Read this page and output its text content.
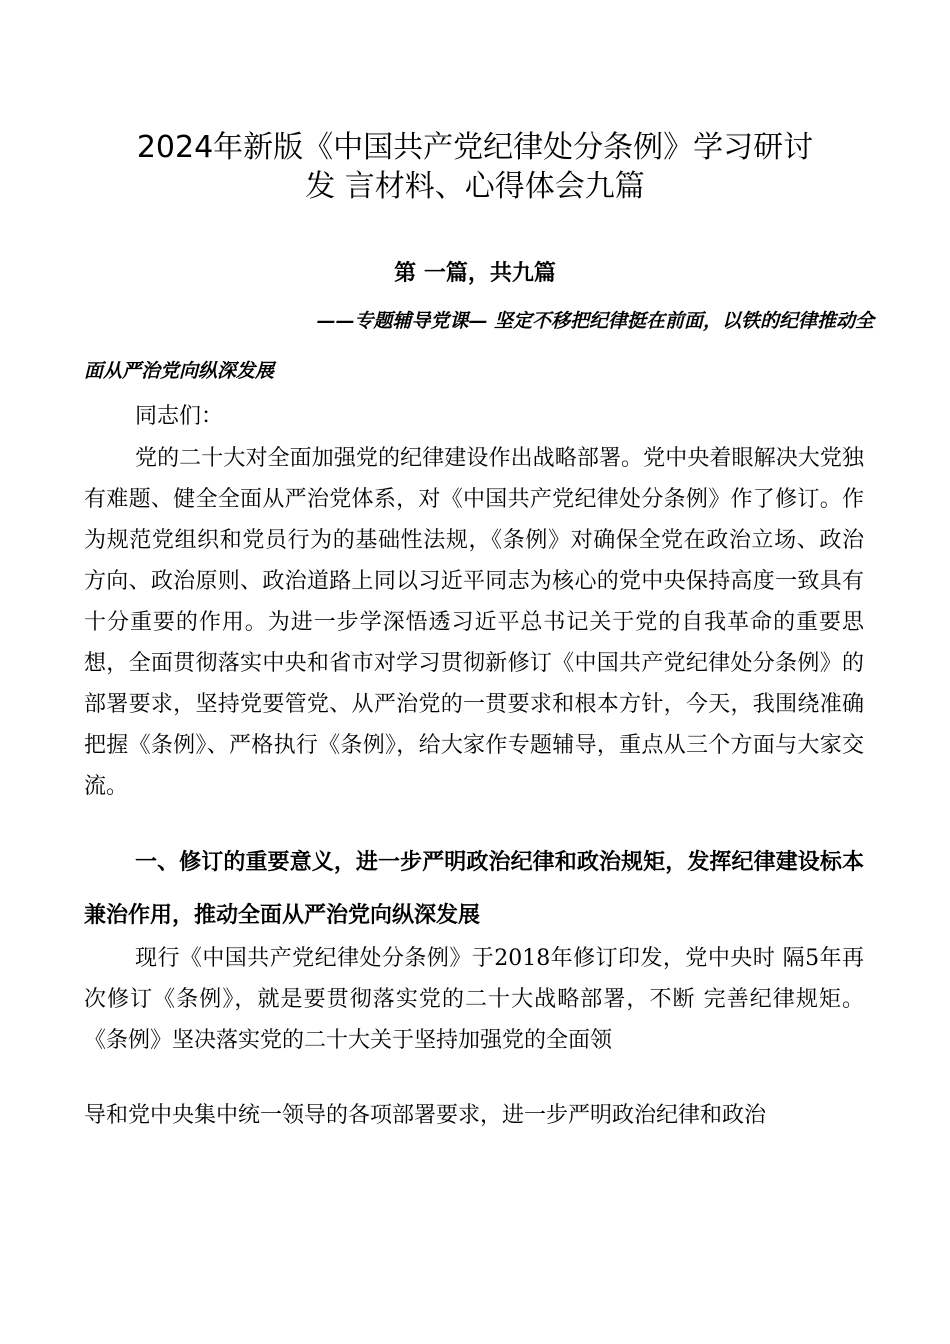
2024年新版《中国共产党纪律处分条例》学习研讨
发 言材料、心得体会九篇
第 一篇，共九篇
——专题辅导党课— 坚定不移把纪律挺在前面，以铁的纪律推动全
面从严治党向纵深发展

同志们：

党的二十大对全面加强党的纪律建设作出战略部署。党中央着眼解决大党独有难题、健全全面从严治党体系，对《中国共产党纪律处分条例》作了修订。作为规范党组织和党员行为的基础性法规，《条例》对确保全党在政治立场、政治方向、政治原则、政治道路上同以习近平同志为核心的党中央保持高度一致具有十分重要的作用。为进一步学深悟透习近平总书记关于党的自我革命的重要思想，全面贯彻落实中央和省市对学习贯彻新修订《中国共产党纪律处分条例》的部署要求，坚持党要管党、从严治党的一贯要求和根本方针，今天，我围绕准确把握《条例》、严格执行《条例》，给大家作专题辅导，重点从三个方面与大家交流。

一、修订的重要意义，进一步严明政治纪律和政治规矩，发挥纪律建设标本兼治作用，推动全面从严治党向纵深发展

现行《中国共产党纪律处分条例》于2018年修订印发，党中央时 隔5年再次修订《条例》，就是要贯彻落实党的二十大战略部署，不断 完善纪律规矩。 《条例》坚决落实党的二十大关于坚持加强党的全面领

导和党中央集中统一领导的各项部署要求，进一步严明政治纪律和政治
